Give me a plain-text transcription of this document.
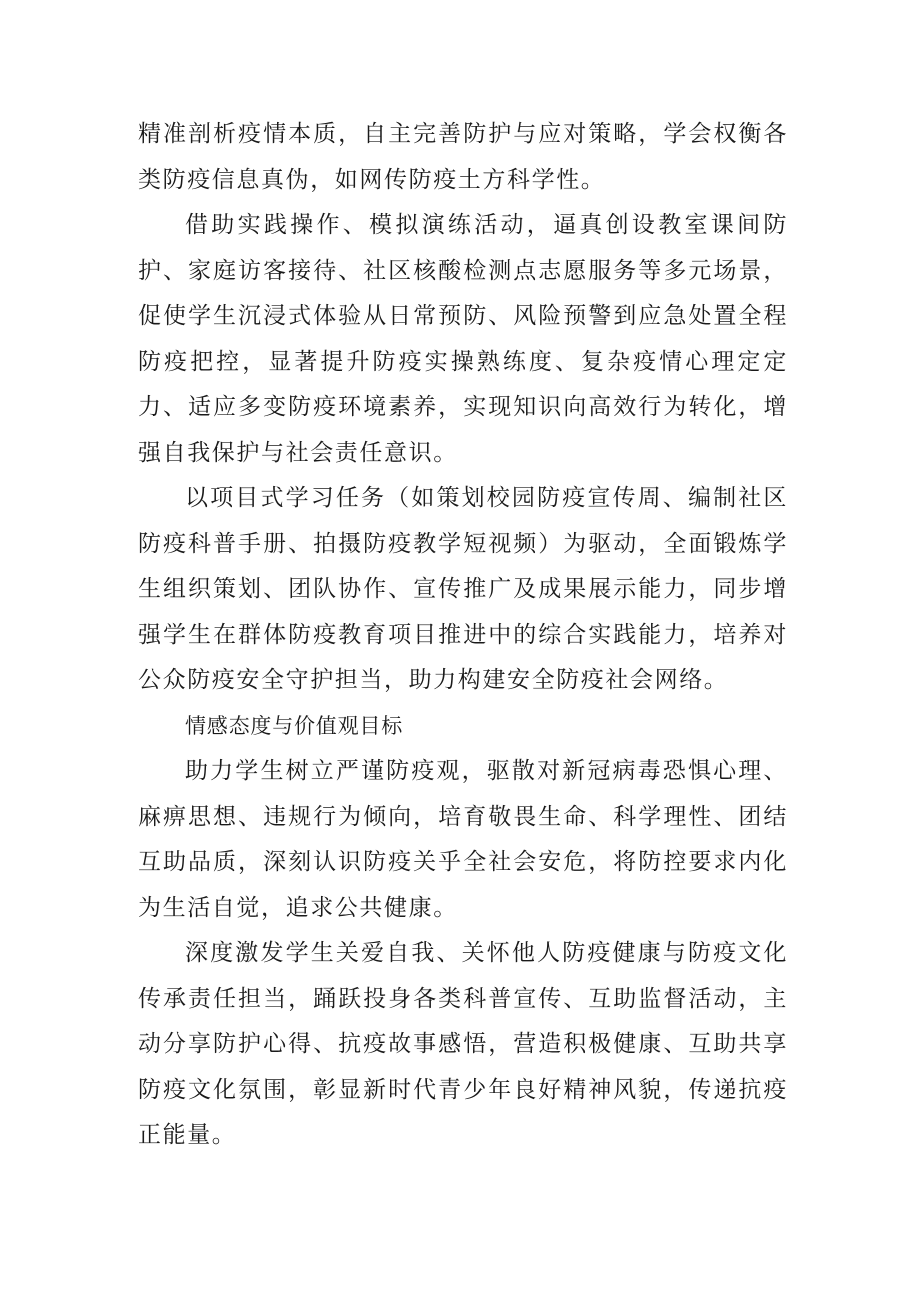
精准剖析疫情本质，自主完善防护与应对策略，学会权衡各类防疫信息真伪，如网传防疫土方科学性。

借助实践操作、模拟演练活动，逼真创设教室课间防护、家庭访客接待、社区核酸检测点志愿服务等多元场景，促使学生沉浸式体验从日常预防、风险预警到应急处置全程防疫把控，显著提升防疫实操熟练度、复杂疫情心理定定力、适应多变防疫环境素养，实现知识向高效行为转化，增强自我保护与社会责任意识。

以项目式学习任务（如策划校园防疫宣传周、编制社区防疫科普手册、拍摄防疫教学短视频）为驱动，全面锻炼学生组织策划、团队协作、宣传推广及成果展示能力，同步增强学生在群体防疫教育项目推进中的综合实践能力，培养对公众防疫安全守护担当，助力构建安全防疫社会网络。

情感态度与价值观目标

助力学生树立严谨防疫观，驱散对新冠病毒恐惧心理、麻痹思想、违规行为倾向，培育敬畏生命、科学理性、团结互助品质，深刻认识防疫关乎全社会安危，将防控要求内化为生活自觉，追求公共健康。

深度激发学生关爱自我、关怀他人防疫健康与防疫文化传承责任担当，踊跃投身各类科普宣传、互助监督活动，主动分享防护心得、抗疫故事感悟，营造积极健康、互助共享防疫文化氛围，彰显新时代青少年良好精神风貌，传递抗疫正能量。
